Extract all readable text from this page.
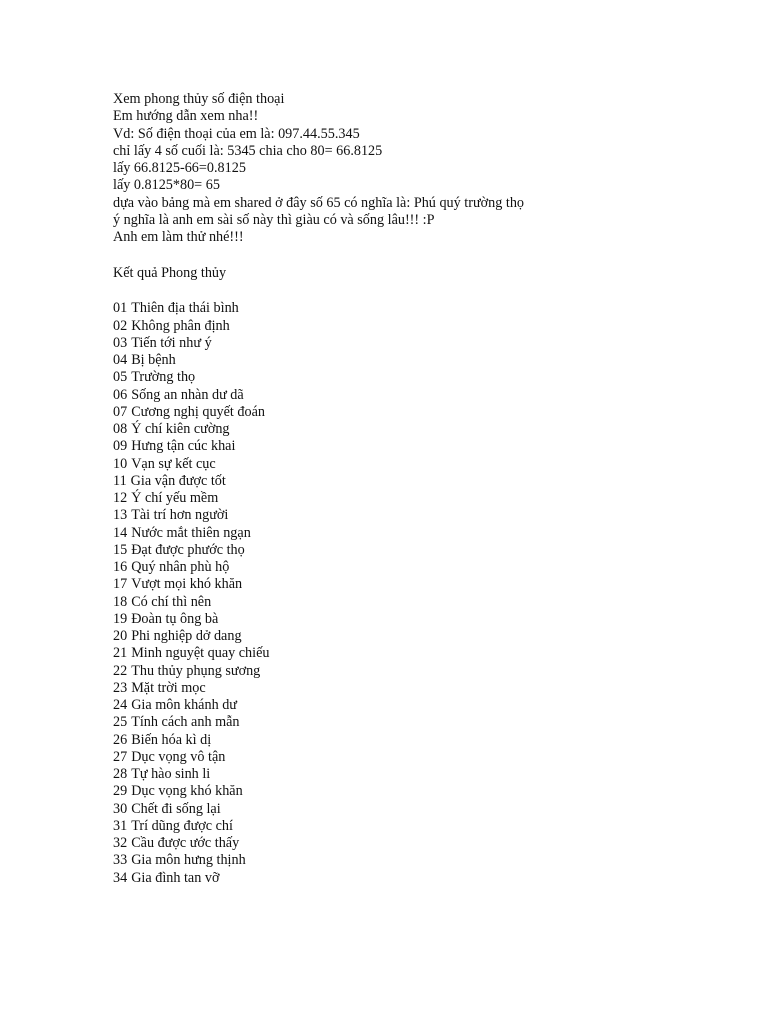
Xem phong thủy số điện thoại
Em hướng dẫn xem nha!!
Vd: Số điện thoại của em là: 097.44.55.345
chỉ lấy 4 số cuối là: 5345 chia cho 80= 66.8125
lấy 66.8125-66=0.8125
lấy 0.8125*80= 65
dựa vào bảng mà em shared ở đây số 65 có nghĩa là: Phú quý trường thọ
ý nghĩa là anh em sài số này thì giàu có và sống lâu!!! :P
Anh em làm thử nhé!!!
Kết quả Phong thủy
01 Thiên địa thái bình
02 Không phân định
03 Tiến tới như ý
04 Bị bệnh
05 Trường thọ
06 Sống an nhàn dư dã
07 Cương nghị quyết đoán
08 Ý chí kiên cường
09 Hưng tận cúc khai
10 Vạn sự kết cục
11 Gia vận được tốt
12 Ý chí yếu mềm
13 Tài trí hơn người
14 Nước mắt thiên ngạn
15 Đạt được phước thọ
16 Quý nhân phù hộ
17 Vượt mọi khó khăn
18 Có chí thì nên
19 Đoàn tụ ông bà
20 Phi nghiệp dở dang
21 Minh nguyệt quay chiếu
22 Thu thủy phụng sương
23 Mặt trời mọc
24 Gia môn khánh dư
25 Tính cách anh mẫn
26 Biến hóa kì dị
27 Dục vọng vô tận
28 Tự hào sinh li
29 Dục vọng khó khăn
30 Chết đi sống lại
31 Trí dũng được chí
32 Cầu được ước thấy
33 Gia môn hưng thịnh
34 Gia đình tan vỡ
